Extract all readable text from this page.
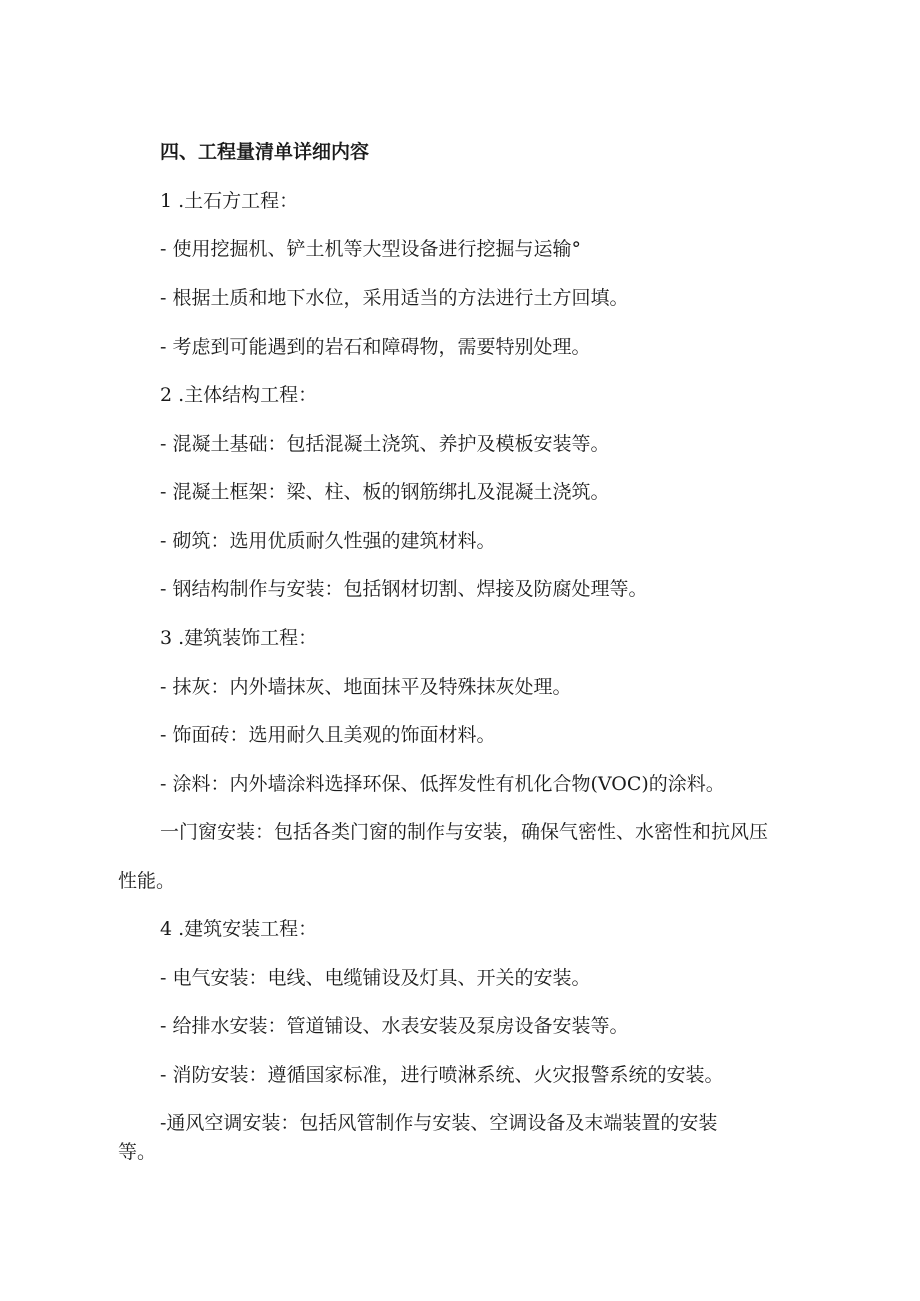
四、工程量清单详细内容
1 .土石方工程：
- 使用挖掘机、铲土机等大型设备进行挖掘与运输°
- 根据土质和地下水位，采用适当的方法进行土方回填。
- 考虑到可能遇到的岩石和障碍物，需要特别处理。
2 .主体结构工程：
- 混凝土基础：包括混凝土浇筑、养护及模板安装等。
- 混凝土框架：梁、柱、板的钢筋绑扎及混凝土浇筑。
- 砌筑：选用优质耐久性强的建筑材料。
- 钢结构制作与安装：包括钢材切割、焊接及防腐处理等。
3 .建筑装饰工程：
- 抹灰：内外墙抹灰、地面抹平及特殊抹灰处理。
- 饰面砖：选用耐久且美观的饰面材料。
- 涂料：内外墙涂料选择环保、低挥发性有机化合物(VOC)的涂料。
一门窗安装：包括各类门窗的制作与安装，确保气密性、水密性和抗风压
性能。
4 .建筑安装工程：
- 电气安装：电线、电缆铺设及灯具、开关的安装。
- 给排水安装：管道铺设、水表安装及泵房设备安装等。
- 消防安装：遵循国家标准，进行喷淋系统、火灾报警系统的安装。
-通风空调安装：包括风管制作与安装、空调设备及末端装置的安装
等。
